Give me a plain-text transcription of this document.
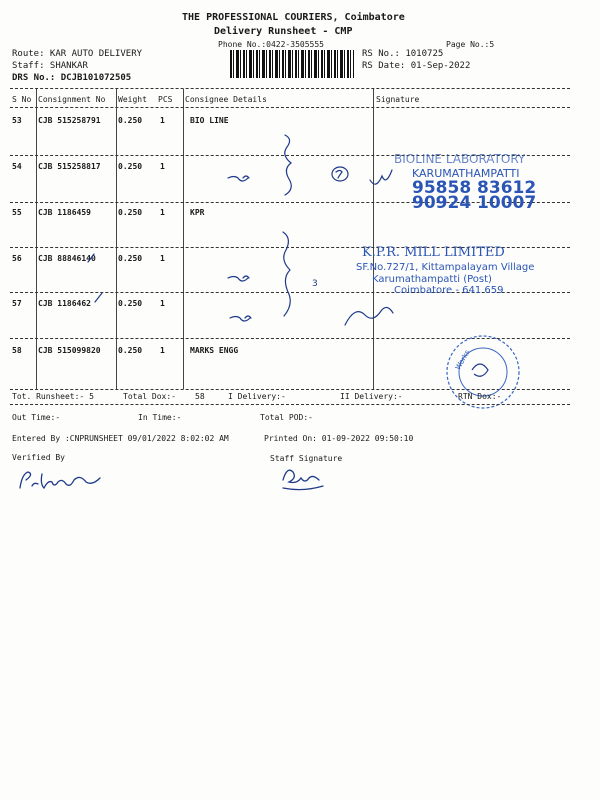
THE PROFESSIONAL COURIERS, Coimbatore
Delivery Runsheet - CMP
Phone No.:0422-3505555	Page No.:5
Route: KAR AUTO DELIVERY
Staff: SHANKAR
DRS No.: DCJB101072505
RS No.: 1010725
RS Date: 01-Sep-2022
S No Consignment No Weight PCS Consignee Details	Signature
53 CJB 515258791 0.250 1	BIO LINE
54 CJB 515258817 0.250 1
55 CJB 1186459	0.250 1	KPR
56 CJB 88846140	0.250 1
57 CJB 1186462	0.250 1
58 CJB 515099820 0.250 1	MARKS ENGG
3
BIOLINE LABORATORY
KARUMATHAMPATTI
95858 83612
90924 10007
K.P.R. MILL LIMITED
SF.No.727/1, Kittampalayam Village
Karumathampatti (Post)
Coimbatore - 641 659
Works
Tot. Runsheet:- 5	Total Dox:- 58	I Delivery:-	II Delivery:-	RTN Dox:-
Out Time:-	In Time:-	Total POD:-
Entered By :CNPRUNSHEET 09/01/2022 8:02:02 AM	Printed On: 01-09-2022 09:50:10
Verified By	Staff Signature
